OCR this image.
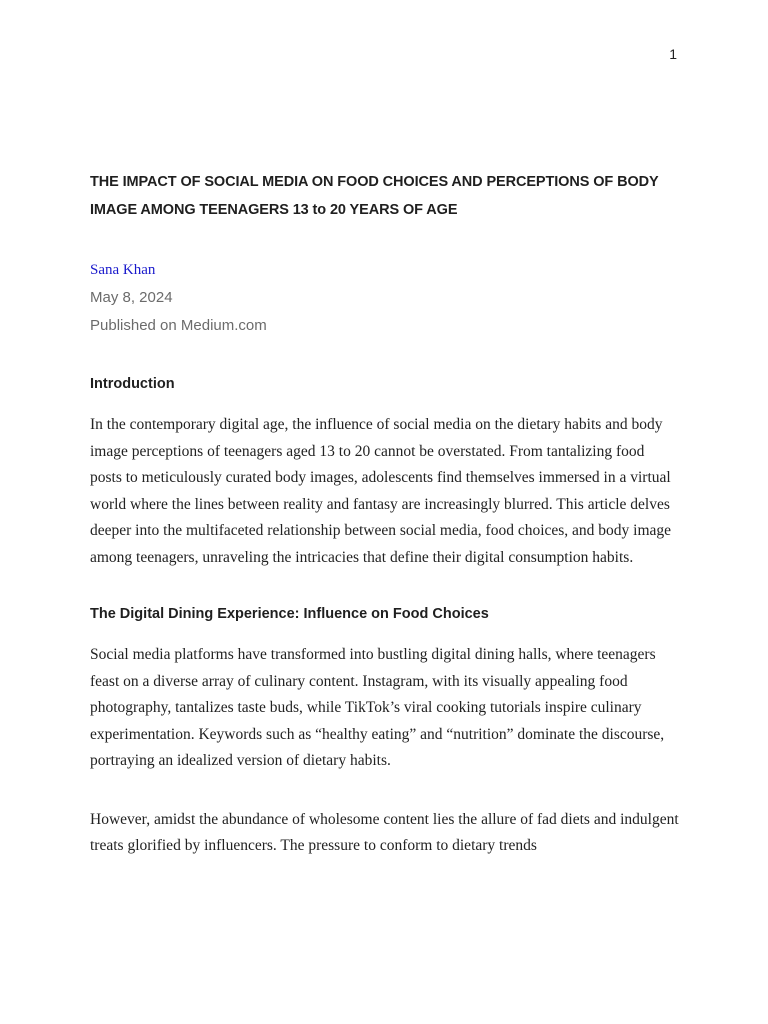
1
THE IMPACT OF SOCIAL MEDIA ON FOOD CHOICES AND PERCEPTIONS OF BODY IMAGE AMONG TEENAGERS 13 to 20 YEARS OF AGE

Sana Khan

May 8, 2024

Published on Medium.com

Introduction

In the contemporary digital age, the influence of social media on the dietary habits and body image perceptions of teenagers aged 13 to 20 cannot be overstated. From tantalizing food posts to meticulously curated body images, adolescents find themselves immersed in a virtual world where the lines between reality and fantasy are increasingly blurred. This article delves deeper into the multifaceted relationship between social media, food choices, and body image among teenagers, unraveling the intricacies that define their digital consumption habits.

The Digital Dining Experience: Influence on Food Choices

Social media platforms have transformed into bustling digital dining halls, where teenagers feast on a diverse array of culinary content. Instagram, with its visually appealing food photography, tantalizes taste buds, while TikTok’s viral cooking tutorials inspire culinary experimentation. Keywords such as “healthy eating” and “nutrition” dominate the discourse, portraying an idealized version of dietary habits.

However, amidst the abundance of wholesome content lies the allure of fad diets and indulgent treats glorified by influencers. The pressure to conform to dietary trends
